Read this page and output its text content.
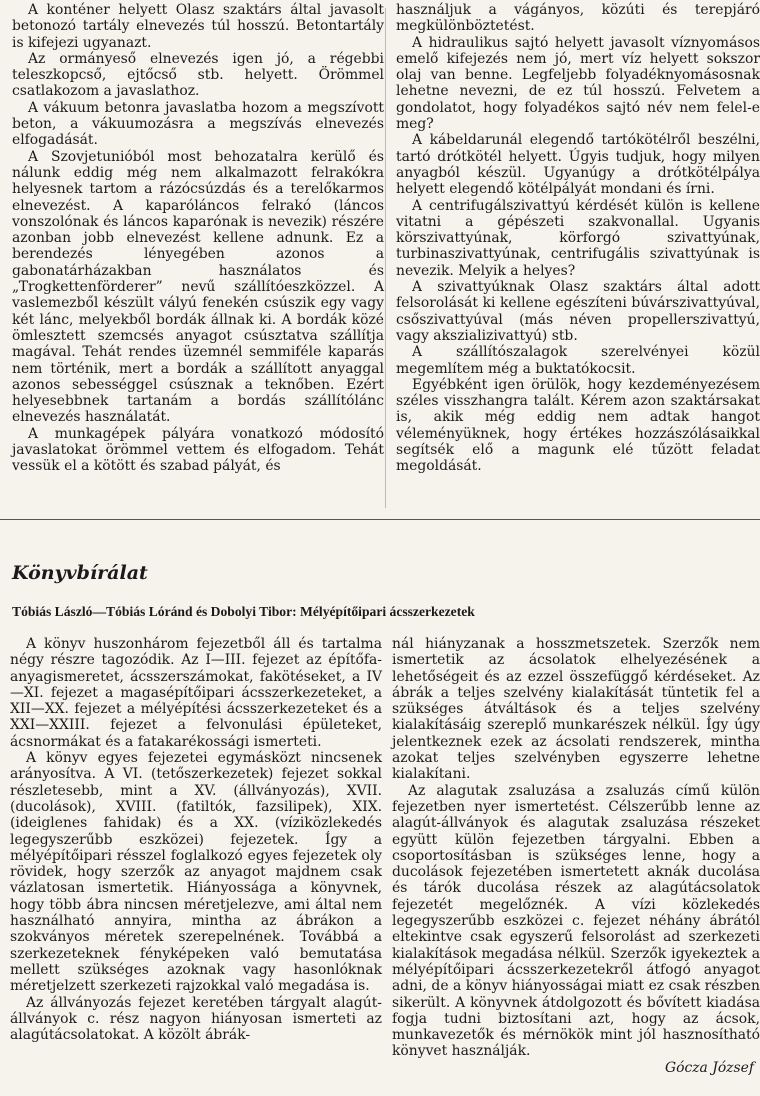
A konténer helyett Olasz szaktárs által javasolt betonozó tartály elnevezés túl hosszú. Betontartály is kifejezi ugyanazt.

Az ormányeső elnevezés igen jó, a régebbi teleszkopcső, ejtőcső stb. helyett. Örömmel csatlakozom a javaslathoz.

A vákuum betonra javaslatba hozom a megszívott beton, a vákuumozásra a megszívás elnevezés elfogadását.

A Szovjetunióból most behozatalra kerülő és nálunk eddig még nem alkalmazott felrakókra helyesnek tartom a rázócsúzdás és a terelőkarmos elnevezést. A kaparóláncos felrakó (láncos vonszolónak és láncos kaparónak is nevezik) részére azonban jobb elnevezést kellene adnunk. Ez a berendezés lényegében azonos a gabonatárházakban használatos és „Trogkettenförderer” nevű szállítóeszközzel. A vaslemezből készült vályú fenekén csúszik egy vagy két lánc, melyekből bordák állnak ki. A bordák közé ömlesztett szemcsés anyagot csúsztatva szállítja magával. Tehát rendes üzemnél semmiféle kaparás nem történik, mert a bordák a szállított anyaggal azonos sebességgel csúsznak a teknőben. Ezért helyesebbnek tartanám a bordás szállítólánc elnevezés használatát.

A munkagépek pályára vonatkozó módosító javaslatokat örömmel vettem és elfogadom. Tehát vessük el a kötött és szabad pályát, és

használjuk a vágányos, közúti és terepjáró megkülönböztetést.

A hidraulikus sajtó helyett javasolt víznyomásos emelő kifejezés nem jó, mert víz helyett sokszor olaj van benne. Legfeljebb folyadéknyomásosnak lehetne nevezni, de ez túl hosszú. Felvetem a gondolatot, hogy folyadékos sajtó név nem felel-e meg?

A kábeldarunál elegendő tartókötélről beszélni, tartó drótkötél helyett. Úgyis tudjuk, hogy milyen anyagból készül. Ugyanúgy a drótkötélpálya helyett elegendő kötélpályát mondani és írni.

A centrifugálszivattyú kérdését külön is kellene vitatni a gépészeti szakvonallal. Ugyanis körszivattyúnak, körforgó szivattyúnak, turbinaszivattyúnak, centrifugális szivattyúnak is nevezik. Melyik a helyes?

A szivattyúknak Olasz szaktárs által adott felsorolását ki kellene egészíteni búvárszivattyúval, csőszivattyúval (más néven propellerszivattyú, vagy akszializivattyú) stb.

A szállítószalagok szerelvényei közül megemlítem még a buktatókocsit.

Egyébként igen örülök, hogy kezdeményezésem széles visszhangra talált. Kérem azon szaktársakat is, akik még eddig nem adtak hangot véleményüknek, hogy értékes hozzászólásaikkal segítsék elő a magunk elé tűzött feladat megoldását.

Könyvbírálat
Tóbiás László—Tóbiás Lóránd és Dobolyi Tibor: Mélyépítőipari ácsszerkezetek

A könyv huszonhárom fejezetből áll és tartalma négy részre tagozódik. Az I—III. fejezet az építőfa-anyagismeretet, ácsszerszámokat, fakötéseket, a IV—XI. fejezet a magasépítőipari ácsszerkezeteket, a XII—XX. fejezet a mélyépítési ácsszerkezeteket és a XXI—XXIII. fejezet a felvonulási épületeket, ácsnormákat és a fatakarékossági ismerteti.

A könyv egyes fejezetei egymásközt nincsenek arányosítva. A VI. (tetőszerkezetek) fejezet sokkal részletesebb, mint a XV. (állványozás), XVII. (ducolások), XVIII. (fatiltók, fazsilipek), XIX. (ideiglenes fahidak) és a XX. (víziközlekedés legegyszerűbb eszközei) fejezetek. Így a mélyépítőipari résszel foglalkozó egyes fejezetek oly rövidek, hogy szerzők az anyagot majdnem csak vázlatosan ismertetik. Hiányossága a könyvnek, hogy több ábra nincsen méretjelezve, ami által nem használható annyira, mintha az ábrákon a szokványos méretek szerepelnének. Továbbá a szerkezeteknek fényképeken való bemutatása mellett szükséges azoknak vagy hasonlóknak méretjelzett szerkezeti rajzokkal való megadása is.

Az állványozás fejezet keretében tárgyalt alagút-állványok c. rész nagyon hiányosan ismerteti az alagútácsolatokat. A közölt ábrák-

nál hiányzanak a hosszmetszetek. Szerzők nem ismertetik az ácsolatok elhelyezésének a lehetőségeit és az ezzel összefüggő kérdéseket. Az ábrák a teljes szelvény kialakítását tüntetik fel a szükséges átváltások és a teljes szelvény kialakításáig szereplő munkarészek nélkül. Így úgy jelentkeznek ezek az ácsolati rendszerek, mintha azokat teljes szelvényben egyszerre lehetne kialakítani.

Az alagutak zsaluzása a zsaluzás című külön fejezetben nyer ismertetést. Célszerűbb lenne az alagút-állványok és alagutak zsaluzása részeket együtt külön fejezetben tárgyalni. Ebben a csoportosításban is szükséges lenne, hogy a ducolások fejezetében ismertetett aknák ducolása és tárók ducolása részek az alagútácsolatok fejezetét megelőznék. A vízi közlekedés legegyszerűbb eszközei c. fejezet néhány ábrától eltekintve csak egyszerű felsorolást ad szerkezeti kialakítások megadása nélkül. Szerzők igyekeztek a mélyépítőipari ácsszerkezetekről átfogó anyagot adni, de a könyv hiányosságai miatt ez csak részben sikerült. A könyvnek átdolgozott és bővített kiadása fogja tudni biztosítani azt, hogy az ácsok, munkavezetők és mérnökök mint jól hasznosítható könyvet használják.

Gócza József
